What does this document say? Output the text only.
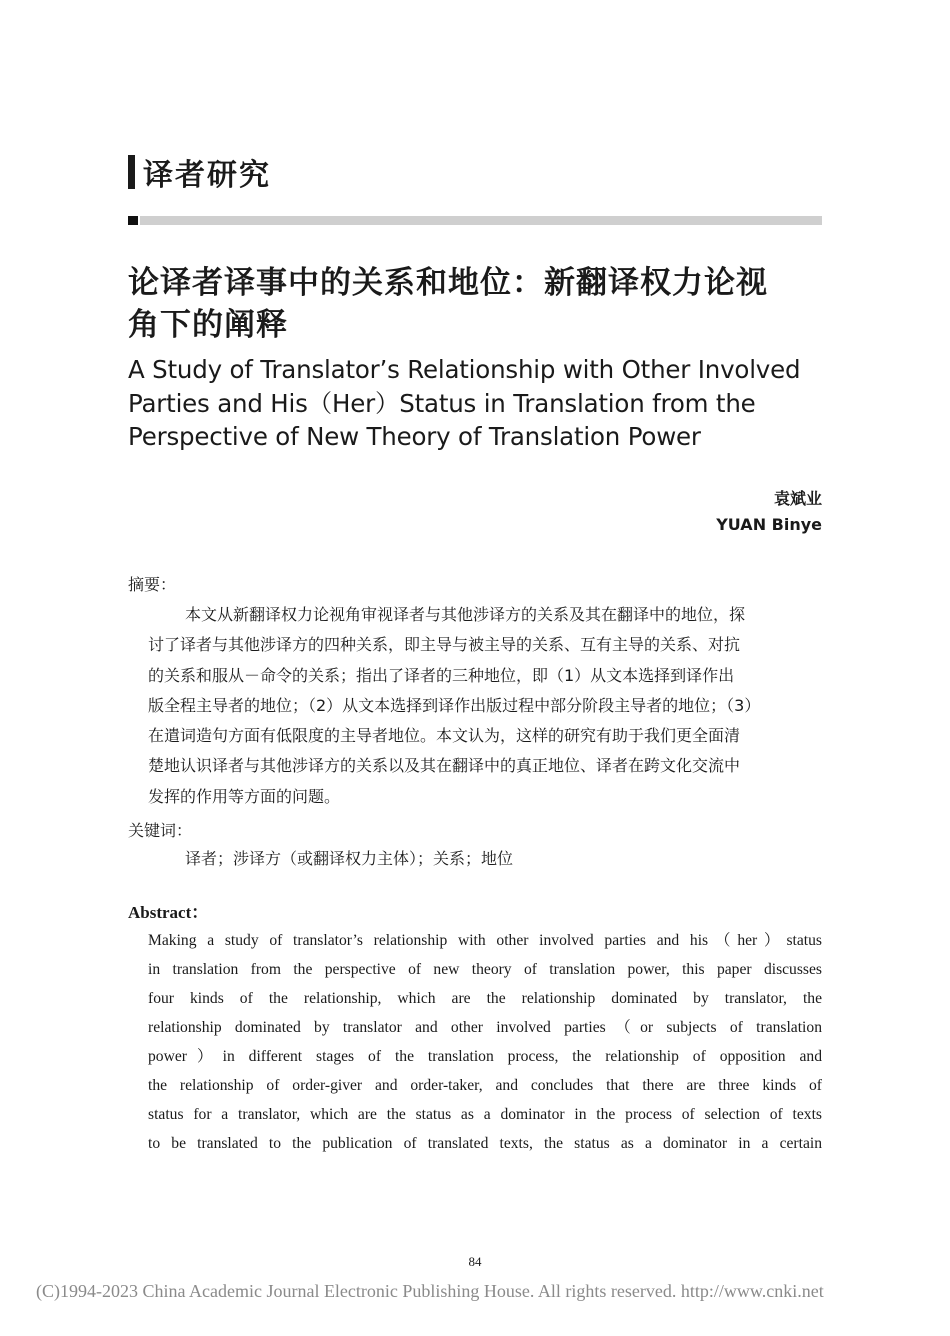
译者研究
论译者译事中的关系和地位：新翻译权力论视
角下的阐释

A Study of Translator’s Relationship with Other Involved

Parties and His（Her）Status in Translation from the

Perspective of New Theory of Translation Power

袁斌业
YUAN Binye
摘要：

本文从新翻译权力论视角审视译者与其他涉译方的关系及其在翻译中的地位，探

讨了译者与其他涉译方的四种关系，即主导与被主导的关系、互有主导的关系、对抗

的关系和服从－命令的关系；指出了译者的三种地位，即（1）从文本选择到译作出

版全程主导者的地位；（2）从文本选择到译作出版过程中部分阶段主导者的地位；（3）

在遣词造句方面有低限度的主导者地位。本文认为，这样的研究有助于我们更全面清

楚地认识译者与其他涉译方的关系以及其在翻译中的真正地位、译者在跨文化交流中

发挥的作用等方面的问题。

关键词：
译者；涉译方（或翻译权力主体）；关系；地位
Abstract：

Making a study of translator’s relationship with other involved parties and his（her）status

in translation from the perspective of new theory of translation power, this paper discusses

four kinds of the relationship, which are the relationship dominated by translator, the

relationship dominated by translator and other involved parties（or subjects of translation

power）in different stages of the translation process, the relationship of opposition and

the relationship of order-giver and order-taker, and concludes that there are three kinds of

status for a translator, which are the status as a dominator in the process of selection of texts

to be translated to the publication of translated texts, the status as a dominator in a certain

84
(C)1994-2023 China Academic Journal Electronic Publishing House. All rights reserved. http://www.cnki.net
